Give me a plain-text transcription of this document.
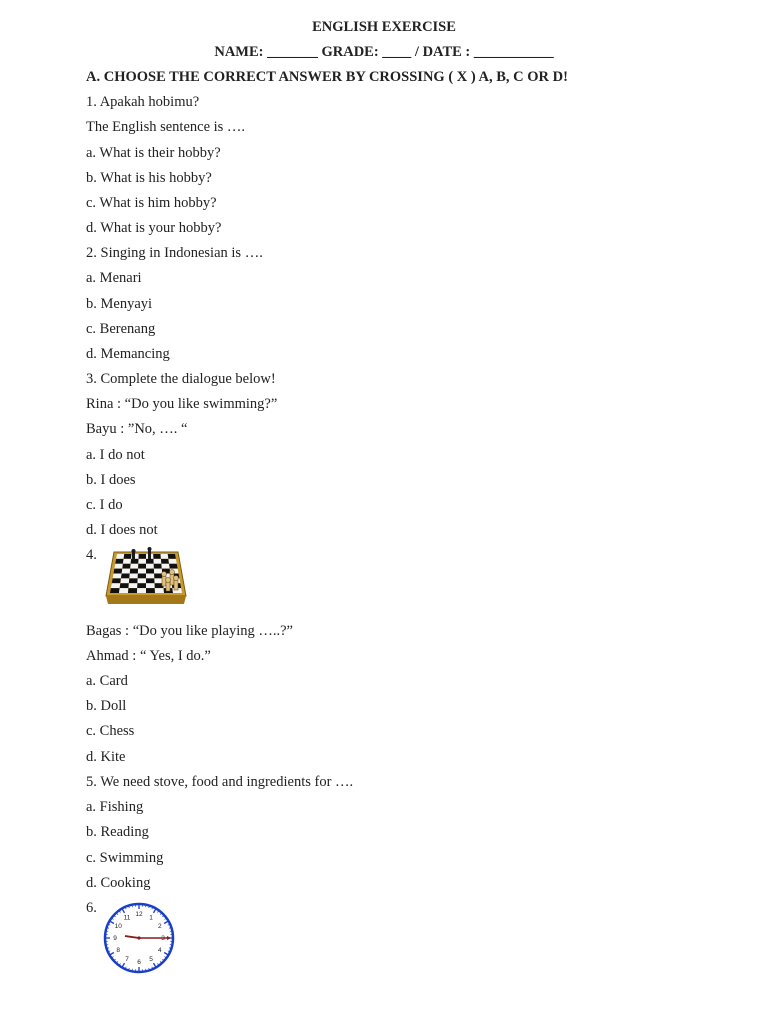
ENGLISH EXERCISE
NAME: _______ GRADE: ____ / DATE : ___________
A. CHOOSE THE CORRECT ANSWER BY CROSSING ( X ) A, B, C OR D!
1. Apakah hobimu?
The English sentence is ….
a. What is their hobby?
b. What is his hobby?
c. What is him hobby?
d. What is your hobby?
2. Singing in Indonesian is ….
a. Menari
b. Menyayi
c. Berenang
d. Memancing
3. Complete the dialogue below!
Rina : “Do you like swimming?”
Bayu : ”No, …. “
a. I do not
b. I does
c. I do
d. I does not
4.
Bagas : “Do you like playing …..?”
Ahmad : “ Yes, I do.”
a. Card
b. Doll
c. Chess
d. Kite
5. We need stove, food and ingredients for ….
a. Fishing
b. Reading
c. Swimming
d. Cooking
6.	12 1
2
3
4
5
6
7
8
9
10
11
